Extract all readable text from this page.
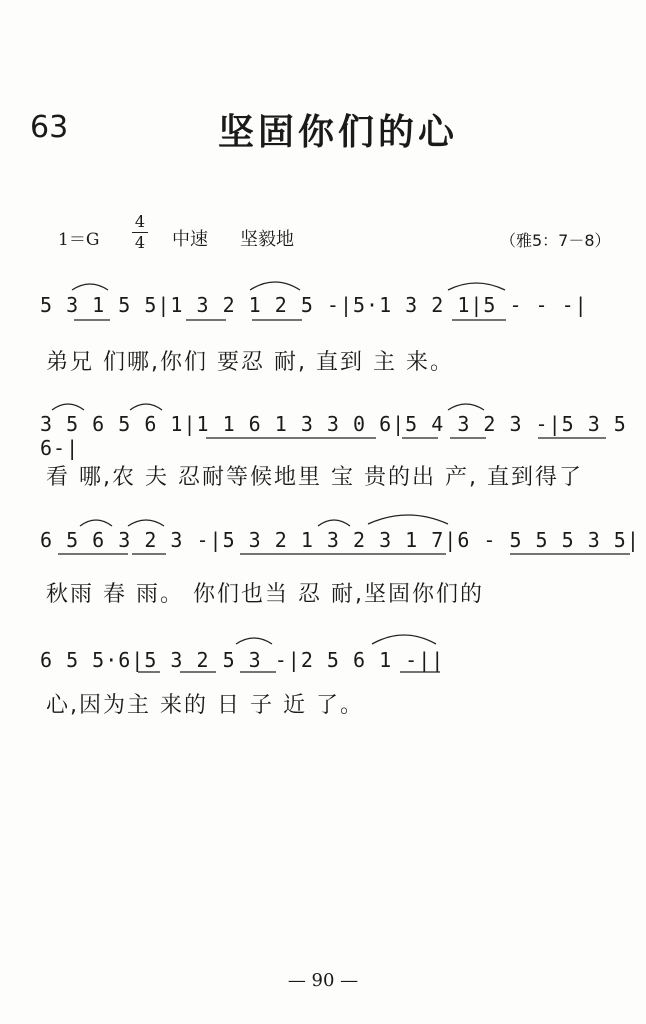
63	坚固你们的心
1＝G
4
4 中速 坚毅地	（雅5：7－8）
5 3 1 5 5|1 3 2 1 2 5 -|5·1 3 2 1|5 - - -|
弟兄 们哪,你们 要忍 耐, 直到 主 来。
3 5 6 5 6 1|1 1 6 1 3 3 0 6|5 4 3 2 3 -|5 3 5 6-|
看 哪,农 夫 忍耐等候地里 宝 贵的出 产, 直到得了
6 5 6 3 2 3 -|5 3 2 1 3 2 3 1 7|6 - 5 5 5 3 5|
秋雨 春 雨。 你们也当 忍 耐,坚固你们的
6 5 5·6|5 3 2 5 3 -|2 5 6 1 -||
心,因为主 来的 日 子 近 了。
— 90 —
